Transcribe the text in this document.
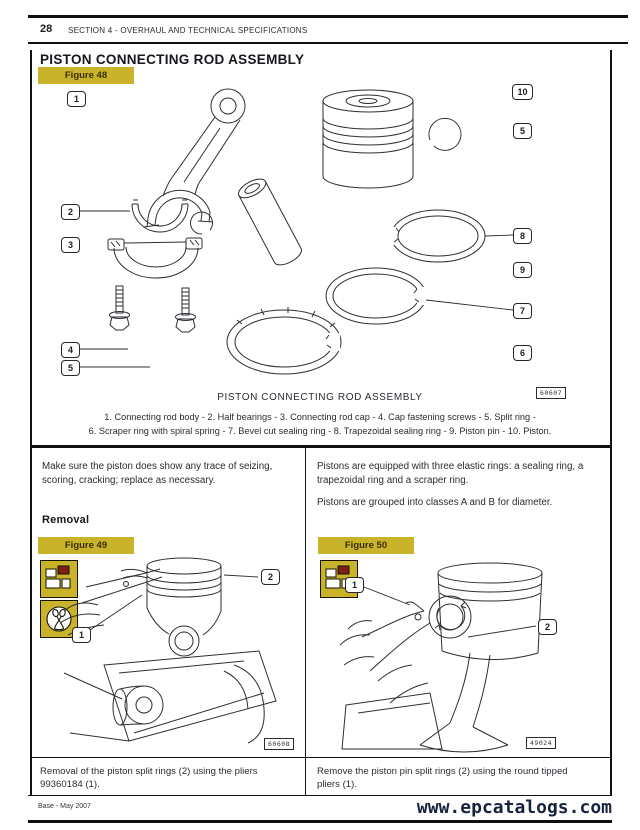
28 SECTION 4 - OVERHAUL AND TECHNICAL SPECIFICATIONS
PISTON CONNECTING ROD ASSEMBLY
Figure 48
1
2
3
4
5
10
5
8
9
7
6
60607
PISTON CONNECTING ROD ASSEMBLY
1. Connecting rod body - 2. Half bearings - 3. Connecting rod cap - 4. Cap fastening screws - 5. Split ring -
6. Scraper ring with spiral spring - 7. Bevel cut sealing ring - 8. Trapezoidal sealing ring - 9. Piston pin - 10. Piston.
Make sure the piston does show any trace of seizing, scoring, cracking; replace as necessary.
Removal
Pistons are equipped with three elastic rings: a sealing ring, a trapezoidal ring and a scraper ring.
Pistons are grouped into classes A and B for diameter.
Figure 49
2
1
60608
Figure 50
1
2
49024
Removal of the piston split rings (2) using the pliers 99360184 (1).
Remove the piston pin split rings (2) using the round tipped pliers (1).
Base - May 2007	www.epcatalogs.com
